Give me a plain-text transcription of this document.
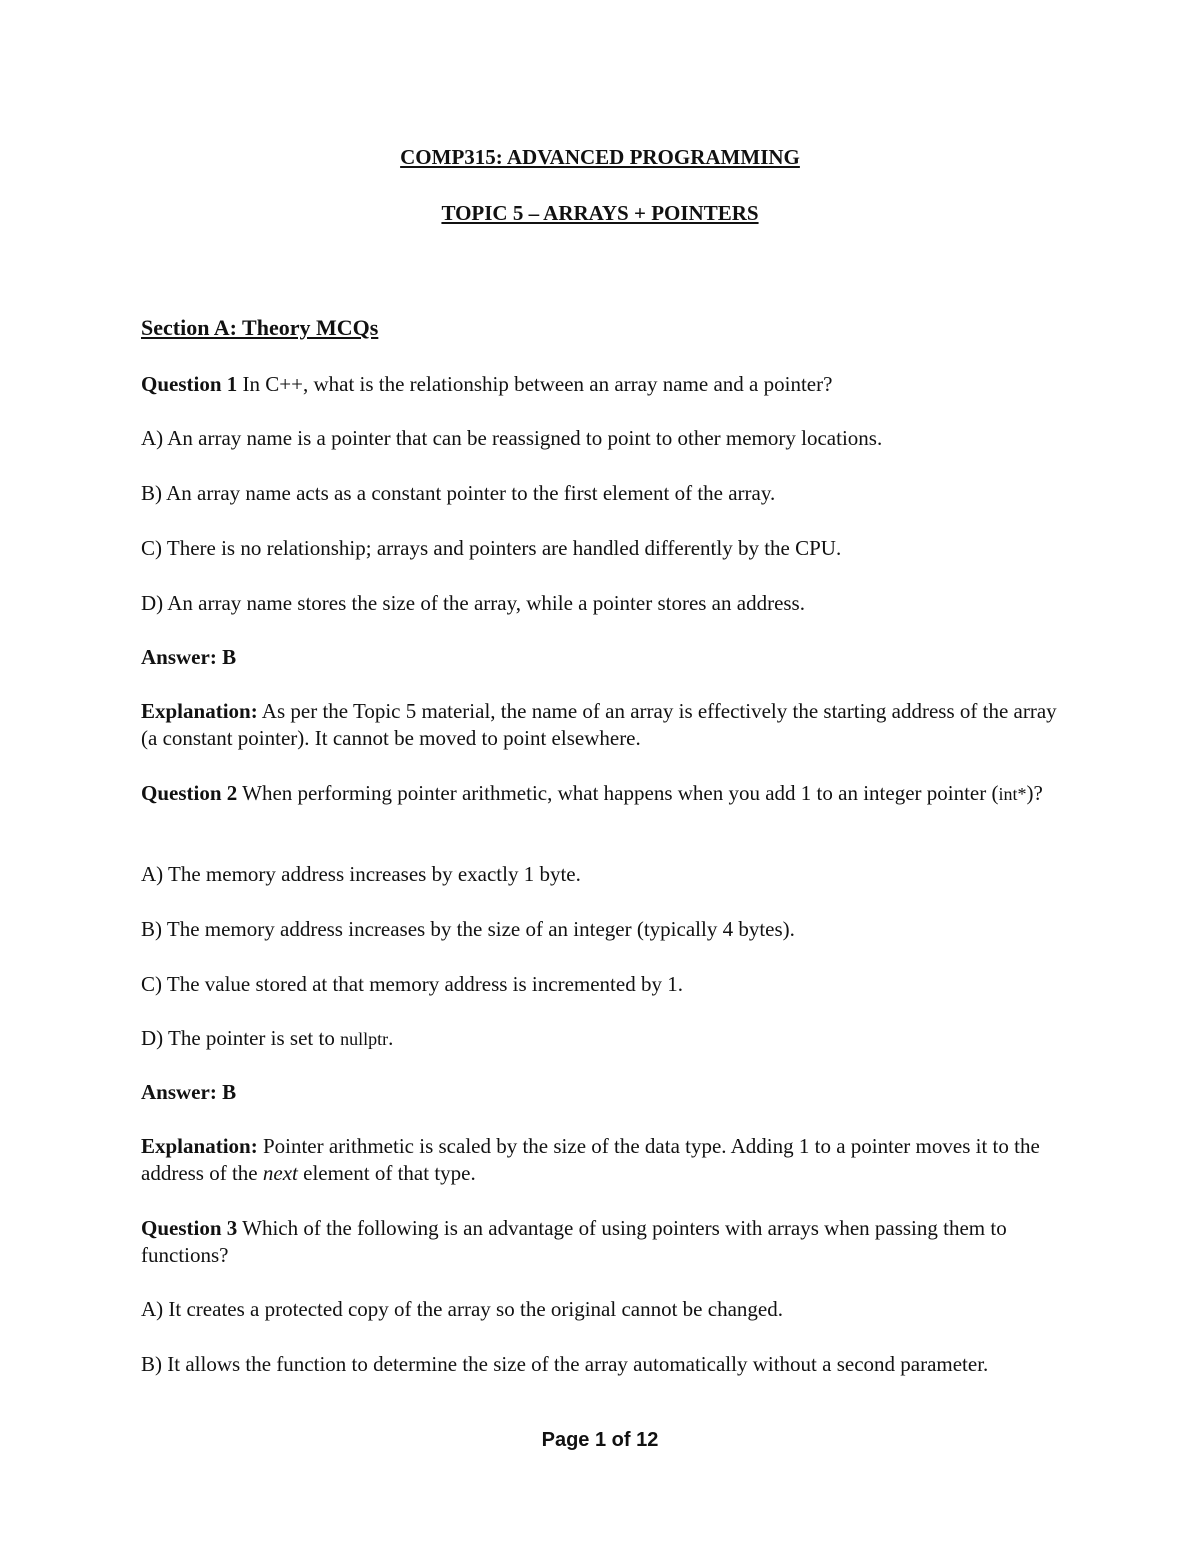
COMP315: ADVANCED PROGRAMMING
TOPIC 5 – ARRAYS + POINTERS
Section A: Theory MCQs

Question 1 In C++, what is the relationship between an array name and a pointer?

A) An array name is a pointer that can be reassigned to point to other memory locations.

B) An array name acts as a constant pointer to the first element of the array.

C) There is no relationship; arrays and pointers are handled differently by the CPU.

D) An array name stores the size of the array, while a pointer stores an address.

Answer: B

Explanation: As per the Topic 5 material, the name of an array is effectively the starting address of the array (a constant pointer). It cannot be moved to point elsewhere.

Question 2 When performing pointer arithmetic, what happens when you add 1 to an integer pointer (int*)?

A) The memory address increases by exactly 1 byte.

B) The memory address increases by the size of an integer (typically 4 bytes).

C) The value stored at that memory address is incremented by 1.

D) The pointer is set to nullptr.

Answer: B

Explanation: Pointer arithmetic is scaled by the size of the data type. Adding 1 to a pointer moves it to the address of the next element of that type.

Question 3 Which of the following is an advantage of using pointers with arrays when passing them to functions?

A) It creates a protected copy of the array so the original cannot be changed.

B) It allows the function to determine the size of the array automatically without a second parameter.

Page 1 of 12
